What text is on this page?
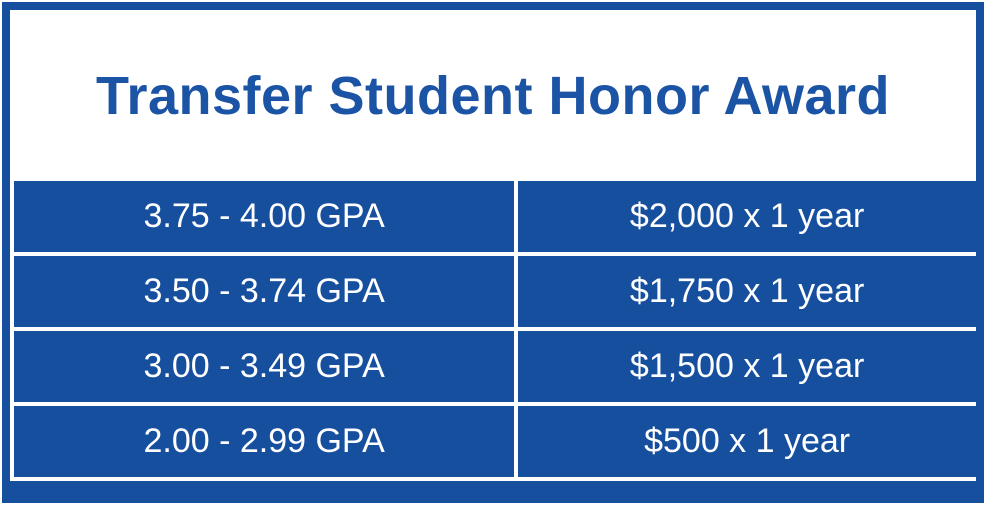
Transfer Student Honor Award
3.75 - 4.00 GPA	$2,000 x 1 year
3.50 - 3.74 GPA	$1,750 x 1 year
3.00 - 3.49 GPA	$1,500 x 1 year
2.00 - 2.99 GPA	$500 x 1 year
